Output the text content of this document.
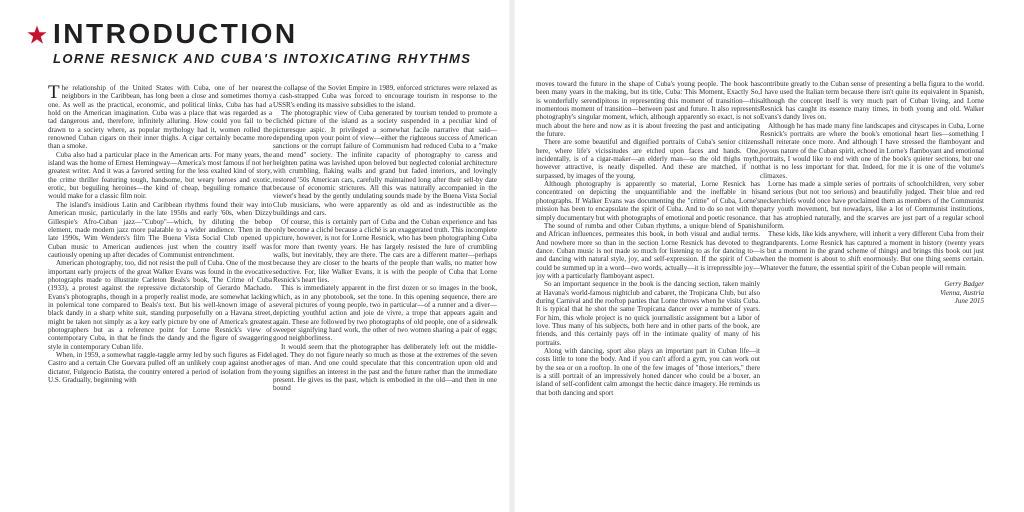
INTRODUCTION
LORNE RESNICK AND CUBA'S INTOXICATING RHYTHMS

The relationship of the United States with Cuba, one of her nearest neighbors in the Caribbean, has long been a close and sometimes thorny one. As well as the practical, economic, and political links, Cuba has had a hold on the American imagination. Cuba was a place that was regarded as a tad dangerous and, therefore, infinitely alluring. How could you fail to be drawn to a society where, as popular mythology had it, women rolled the renowned Cuban cigars on their inner thighs. A cigar certainly became more than a smoke.

Cuba also had a particular place in the American arts. For many years, the island was the home of Ernest Hemingway—America's most famous if not her greatest writer. And it was a favored setting for the less exalted kind of story, the crime thriller featuring tough, handsome, but weary heroes and exotic, erotic, but beguiling heroines—the kind of cheap, beguiling romance that would make for a classic film noir.

The island's insidious Latin and Caribbean rhythms found their way into American music, particularly in the late 1950s and early '60s, when Dizzy Gillespie's Afro-Cuban jazz—"Cubop"—which, by diluting the bebop element, made modern jazz more palatable to a wider audience. Then in the late 1990s, Wim Wenders's film The Buena Vista Social Club opened up Cuban music to American audiences just when the country itself was cautiously opening up after decades of Communist entrenchment.

American photography, too, did not resist the pull of Cuba. One of the most important early projects of the great Walker Evans was found in the evocative photographs made to illustrate Carleton Beals's book, The Crime of Cuba (1933), a protest against the repressive dictatorship of Gerardo Machado. Evans's photographs, though in a properly realist mode, are somewhat lacking in polemical tone compared to Beals's text. But his well-known image of a black dandy in a sharp white suit, standing purposefully on a Havana street, might be taken not simply as a key early picture by one of America's greatest photographers but as a reference point for Lorne Resnick's view of contemporary Cuba, in that he finds the dandy and the figure of swaggering style in contemporary Cuban life.

When, in 1959, a somewhat raggle-taggle army led by such figures as Fidel Castro and a certain Che Guevara pulled off an unlikely coup against another dictator, Fulgencio Batista, the country entered a period of isolation from the U.S. Gradually, beginning with

the collapse of the Soviet Empire in 1989, enforced strictures were relaxed as a cash-strapped Cuba was forced to encourage tourism in response to the USSR's ending its massive subsidies to the island.

The photographic view of Cuba generated by tourism tended to promote a clichéd picture of the island as a society suspended in a peculiar kind of picturesque aspic. It privileged a somewhat facile narrative that said—depending upon your point of view—either the righteous success of American sanctions or the corrupt failure of Communism had reduced Cuba to a "make and mend" society. The infinite capacity of photography to caress and heighten patina was lavished upon beloved but neglected colonial architecture with crumbling, flaking walls and grand but faded interiors, and lovingly restored '50s American cars, carefully maintained long after their sell-by date because of economic strictures. All this was naturally accompanied in the viewer's head by the gently undulating sounds made by the Buena Vista Social Club musicians, who were apparently as old and as indestructible as the buildings and cars.

Of course, this is certainly part of Cuba and the Cuban experience and has only become a cliché because a cliché is an exaggerated truth. This incomplete picture, however, is not for Lorne Resnick, who has been photographing Cuba for more than twenty years. He has largely resisted the lure of crumbling walls, but inevitably, they are there. The cars are a different matter—perhaps because they are closer to the hearts of the people than walls, no matter how seductive. For, like Walker Evans, it is with the people of Cuba that Lorne Resnick's heart lies.

This is immediately apparent in the first dozen or so images in the book, which, as in any photobook, set the tone. In this opening sequence, there are several pictures of young people, two in particular—of a runner and a diver—depicting youthful action and joie de vivre, a trope that appears again and again. These are followed by two photographs of old people, one of a sidewalk sweeper signifying hard work, the other of two women sharing a pair of eggs; good neighborliness.

It would seem that the photographer has deliberately left out the middle-aged. They do not figure nearly so much as those at the extremes of the seven ages of man. And one could speculate that this concentration upon old and young signifies an interest in the past and the future rather than the immediate present. He gives us the past, which is embodied in the old—and then in one bound

moves toward the future in the shape of Cuba's young people. The book has been many years in the making, but its title, Cuba: This Moment, Exactly So, is wonderfully serendipitous in representing this moment of transition—this momentous moment of transition—between past and future. It also represents photography's singular moment, which, although apparently so exact, is not so much about the here and now as it is about freezing the past and anticipating the future.

There are some beautiful and dignified portraits of Cuba's senior citizens here, where life's vicissitudes are etched upon faces and hands. One, incidentally, is of a cigar-maker—an elderly man—so the old thighs myth, however attractive, is neatly dispelled. And these are matched, if not surpassed, by images of the young.

Although photography is apparently so material, Lorne Resnick has concentrated on depicting the unquantifiable and the ineffable in his photographs. If Walker Evans was documenting the "crime" of Cuba, Lorne's mission has been to encapsulate the spirit of Cuba. And to do so not with the simply documentary but with photographs of emotional and poetic resonance.

The sound of rumba and other Cuban rhythms, a unique blend of Spanish and African influences, permeates this book, in both visual and audial terms. And nowhere more so than in the section Lorne Resnick has devoted to the dance. Cuban music is not made so much for listening to as for dancing to—and dancing with natural style, joy, and self-expression. If the spirit of Cuba could be summed up in a word—two words, actually—it is irrepressible joy—joy with a particularly flamboyant aspect.

So an important sequence in the book is the dancing section, taken mainly at Havana's world-famous nightclub and cabaret, the Tropicana Club, but also during Carnival and the rooftop parties that Lorne throws when he visits Cuba. It is typical that he shot the same Tropicana dancer over a number of years. For him, this whole project is no quick journalistic assignment but a labor of love. Thus many of his subjects, both here and in other parts of the book, are friends, and this certainly pays off in the intimate quality of many of his portraits.

Along with dancing, sport also plays an important part in Cuban life—it costs little to tone the body. And if you can't afford a gym, you can work out by the sea or on a rooftop. In one of the few images of "those interiors," there is a still portrait of an impressively honed dancer who could be a boxer, an island of self-confident calm amongst the hectic dance imagery. He reminds us that both dancing and sport

contribute greatly to the Cuban sense of presenting a bella figura to the world. I have used the Italian term because there isn't quite its equivalent in Spanish, although the concept itself is very much part of Cuban living, and Lorne Resnick has caught its essence many times, in both young and old. Walker Evans's dandy lives on.

Although he has made many fine landscapes and cityscapes in Cuba, Lorne Resnick's portraits are where the book's emotional heart lies—something I shall reiterate once more. And although I have stressed the flamboyant and joyous nature of the Cuban spirit, echoed in Lorne's flamboyant and emotional portraits, I would like to end with one of the book's quieter sections, but one that is no less important for that. Indeed, for me it is one of the volume's climaxes.

Lorne has made a simple series of portraits of schoolchildren, very sober and serious (but not too serious) and beautifully judged. Their blue and red neckerchiefs would once have proclaimed them as members of the Communist party youth movement, but nowadays, like a lot of Communist institutions, that has atrophied naturally, and the scarves are just part of a regular school uniform.

These kids, like kids anywhere, will inherit a very different Cuba from their grandparents. Lorne Resnick has captured a moment in history (twenty years is but a moment in the grand scheme of things) and brings this book out just when the moment is about to shift enormously. But one thing seems certain. Whatever the future, the essential spirit of the Cuban people will remain.

Gerry Badger
Vienna, Austria
June 2015
